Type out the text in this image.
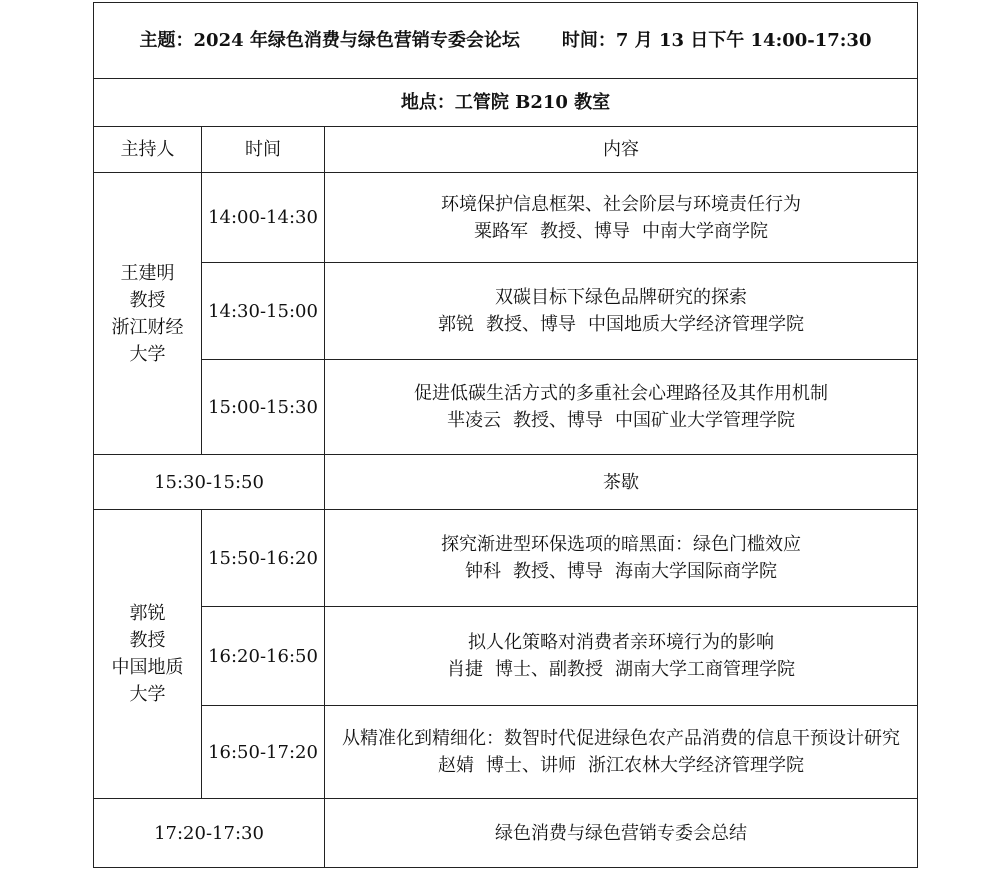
主题：2024 年绿色消费与绿色营销专委会论坛 时间：7 月 13 日下午 14:00-17:30		
地点：工管院 B210 教室		
主持人	时间	内容

王建明
教授
浙江财经
大学	14:00-14:30	环境保护信息框架、社会阶层与环境责任行为
粟路军 教授、博导 中南大学商学院

	14:30-15:00	双碳目标下绿色品牌研究的探索
郭锐 教授、博导 中国地质大学经济管理学院

	15:00-15:30	促进低碳生活方式的多重社会心理路径及其作用机制
芈凌云 教授、博导 中国矿业大学管理学院

15:30-15:50		茶歇

郭锐
教授
中国地质
大学	15:50-16:20	探究渐进型环保选项的暗黑面：绿色门槛效应
钟科 教授、博导 海南大学国际商学院

	16:20-16:50	拟人化策略对消费者亲环境行为的影响
肖捷 博士、副教授 湖南大学工商管理学院

	16:50-17:20	从精准化到精细化：数智时代促进绿色农产品消费的信息干预设计研究
赵婧 博士、讲师 浙江农林大学经济管理学院

17:20-17:30		绿色消费与绿色营销专委会总结
